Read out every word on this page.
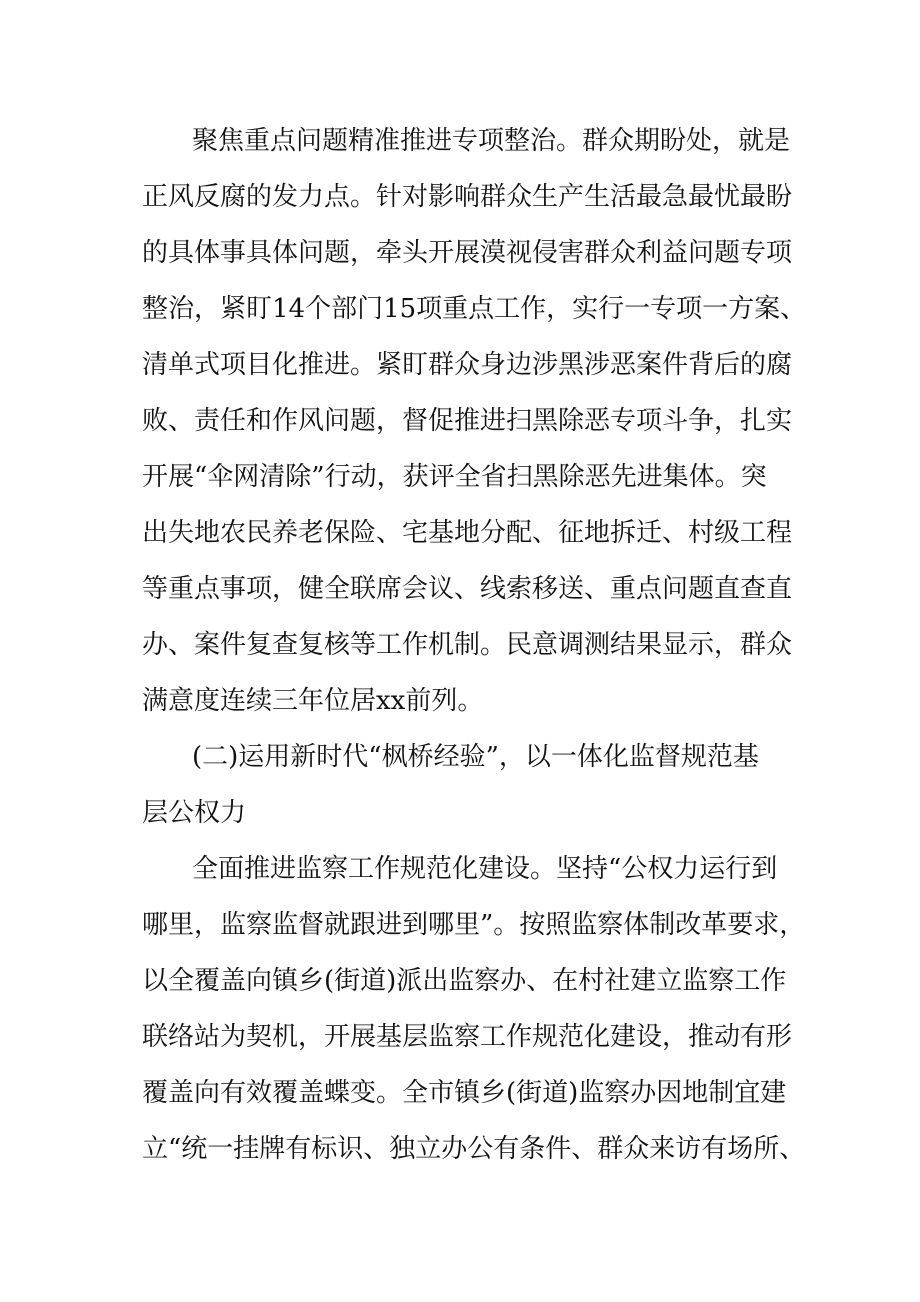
聚焦重点问题精准推进专项整治。群众期盼处，就是
正风反腐的发力点。针对影响群众生产生活最急最忧最盼
的具体事具体问题，牵头开展漠视侵害群众利益问题专项
整治，紧盯14个部门15项重点工作，实行一专项一方案、
清单式项目化推进。紧盯群众身边涉黑涉恶案件背后的腐
败、责任和作风问题，督促推进扫黑除恶专项斗争，扎实
开展“伞网清除”行动，获评全省扫黑除恶先进集体。突
出失地农民养老保险、宅基地分配、征地拆迁、村级工程
等重点事项，健全联席会议、线索移送、重点问题直查直
办、案件复查复核等工作机制。民意调测结果显示，群众
满意度连续三年位居xx前列。
(二)运用新时代“枫桥经验”，以一体化监督规范基
层公权力
全面推进监察工作规范化建设。坚持“公权力运行到
哪里，监察监督就跟进到哪里”。按照监察体制改革要求，
以全覆盖向镇乡(街道)派出监察办、在村社建立监察工作
联络站为契机，开展基层监察工作规范化建设，推动有形
覆盖向有效覆盖蝶变。全市镇乡(街道)监察办因地制宜建
立“统一挂牌有标识、独立办公有条件、群众来访有场所、
